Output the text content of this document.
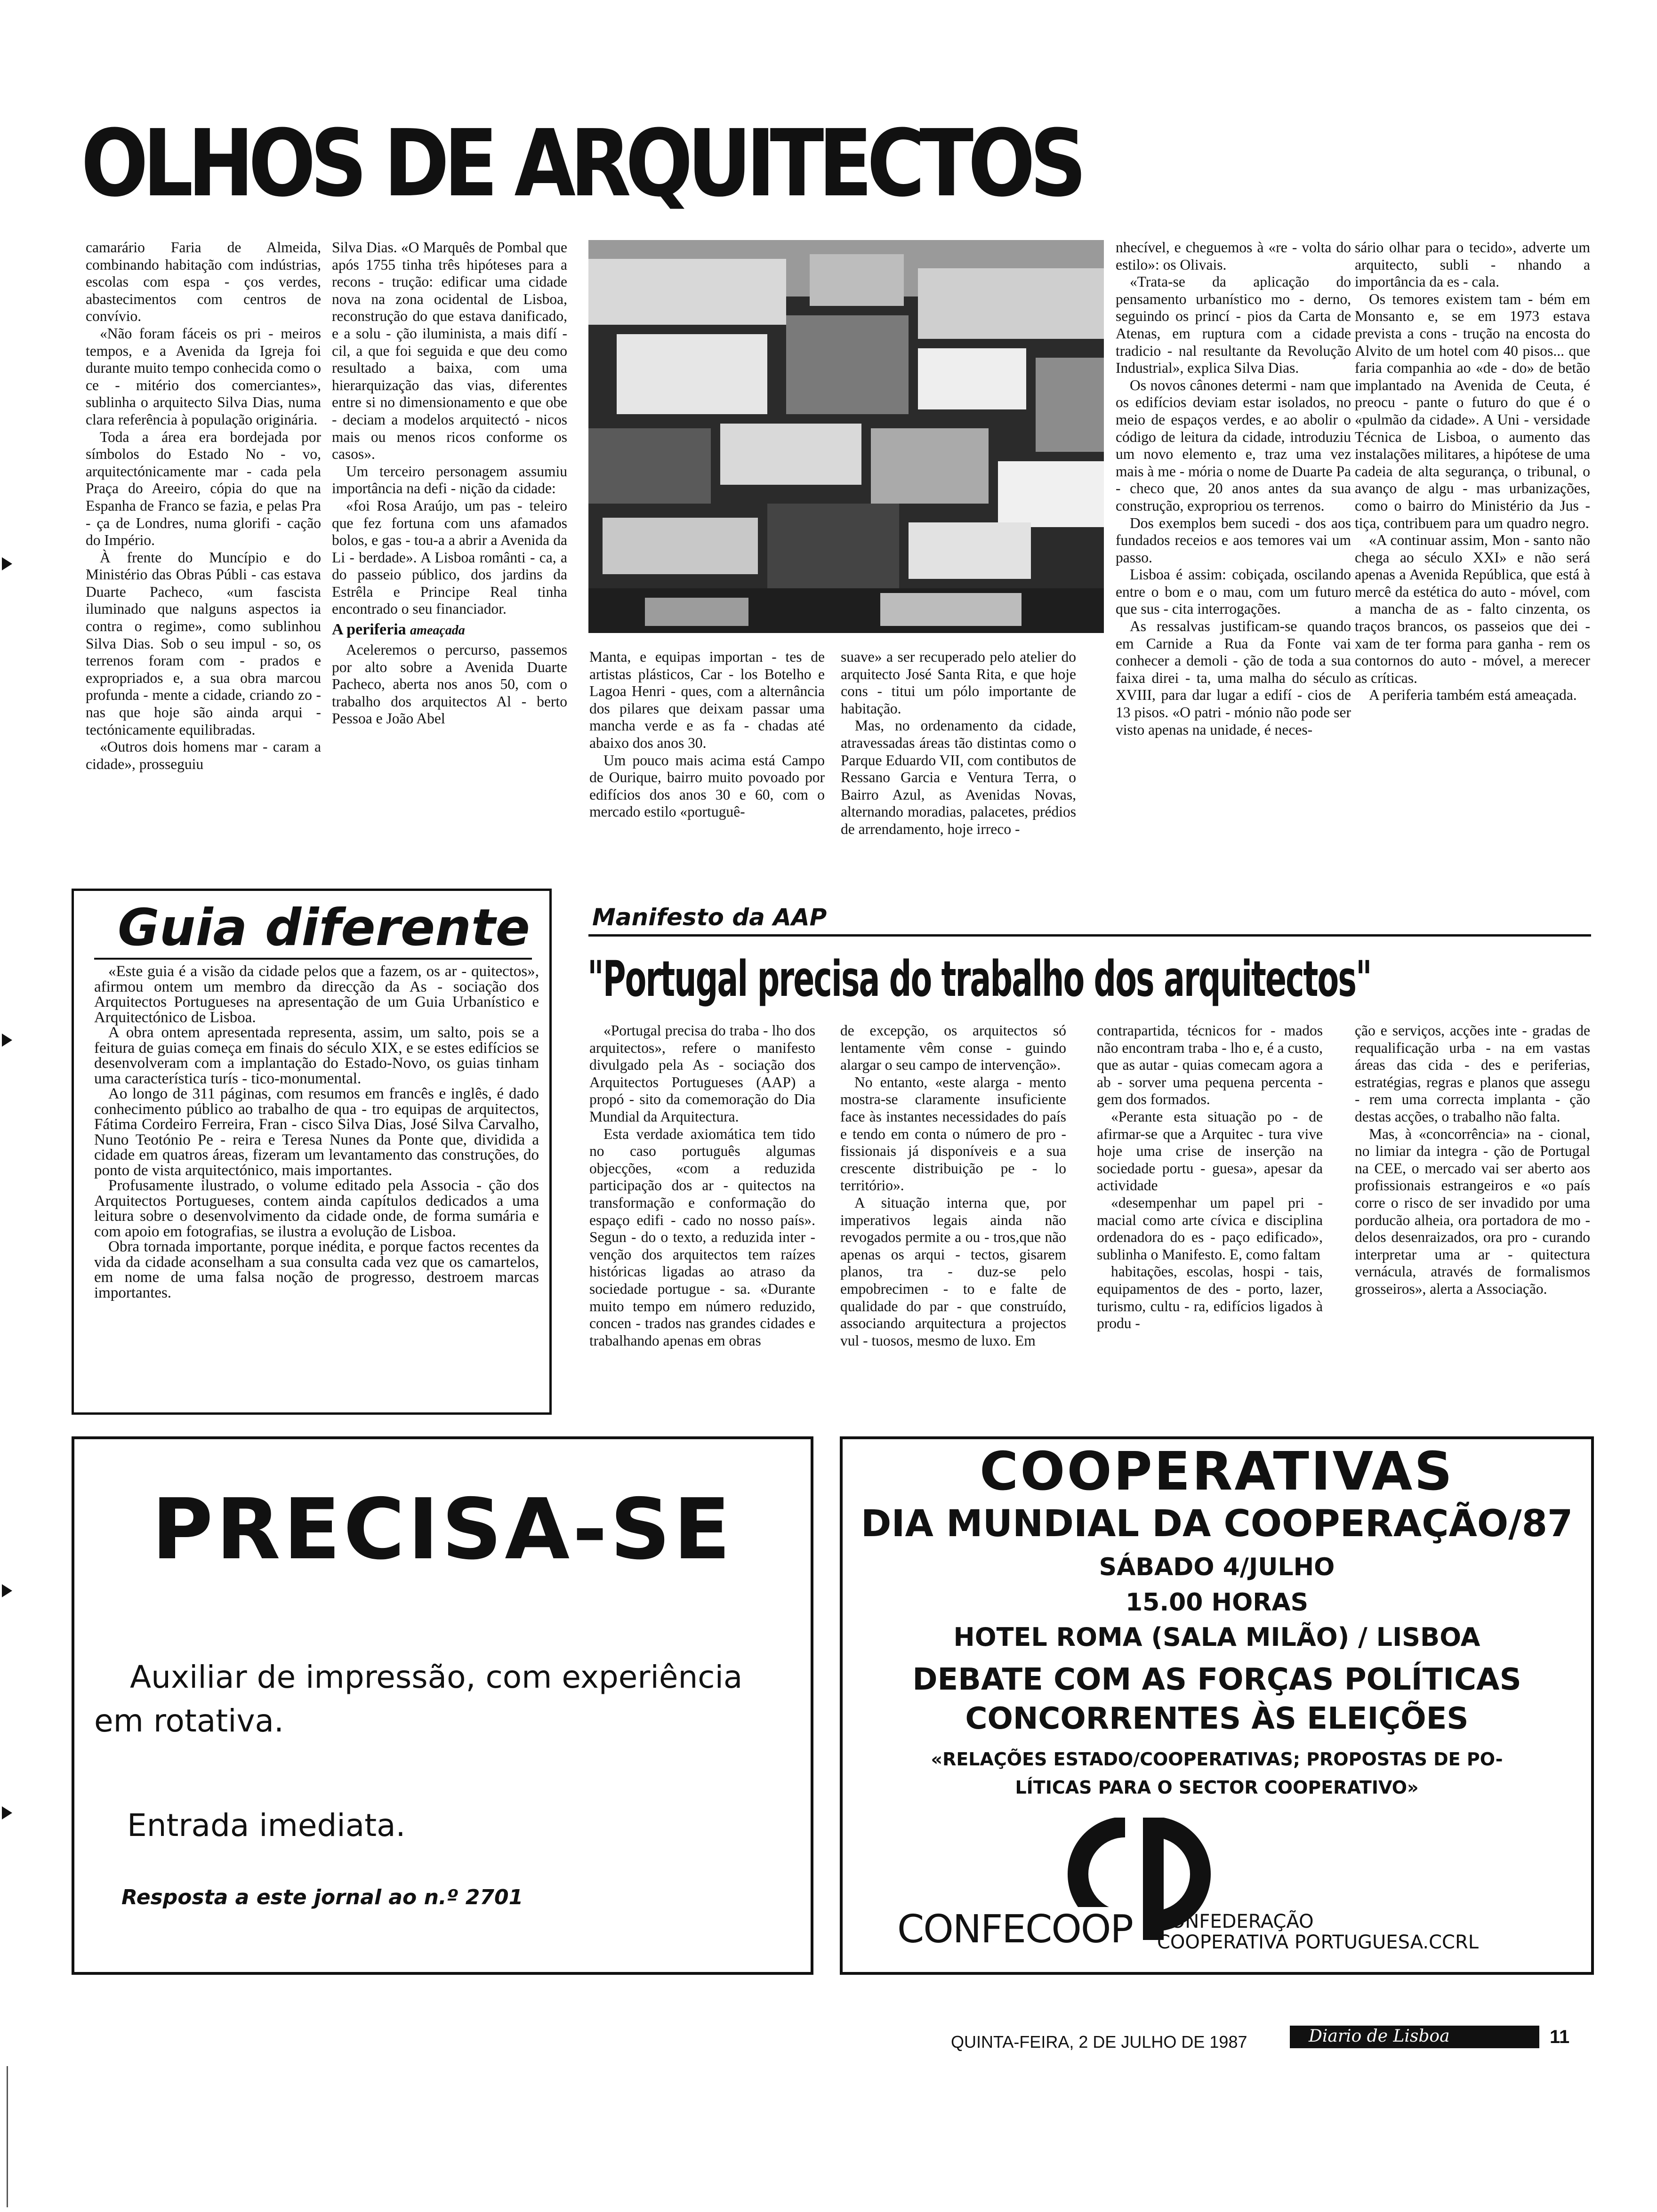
OLHOS DE ARQUITECTOS

camarário Faria de Almeida, combinando habitação com indústrias, escolas com espa - ços verdes, abastecimentos com centros de convívio.

«Não foram fáceis os pri - meiros tempos, e a Avenida da Igreja foi durante muito tempo conhecida como o ce - mitério dos comerciantes», sublinha o arquitecto Silva Dias, numa clara referência à população originária.

Toda a área era bordejada por símbolos do Estado No - vo, arquitectónicamente mar - cada pela Praça do Areeiro, cópia do que na Espanha de Franco se fazia, e pelas Pra - ça de Londres, numa glorifi - cação do Império.

À frente do Muncípio e do Ministério das Obras Públi - cas estava Duarte Pacheco, «um fascista iluminado que nalguns aspectos ia contra o regime», como sublinhou Silva Dias. Sob o seu impul - so, os terrenos foram com - prados e expropriados e, a sua obra marcou profunda - mente a cidade, criando zo - nas que hoje são ainda arqui - tectónicamente equilibradas.

«Outros dois homens mar - caram a cidade», prosseguiu

Silva Dias. «O Marquês de Pombal que após 1755 tinha três hipóteses para a recons - trução: edificar uma cidade nova na zona ocidental de Lisboa, reconstrução do que estava danificado, e a solu - ção iluminista, a mais difí - cil, a que foi seguida e que deu como resultado a baixa, com uma hierarquização das vias, diferentes entre si no dimensionamento e que obe - deciam a modelos arquitectó - nicos mais ou menos ricos conforme os casos».

Um terceiro personagem assumiu importância na defi - nição da cidade:

«foi Rosa Araújo, um pas - teleiro que fez fortuna com uns afamados bolos, e gas - tou-a a abrir a Avenida da Li - berdade». A Lisboa românti - ca, a do passeio público, dos jardins da Estrêla e Principe Real tinha encontrado o seu financiador.

A periferia ameaçada

Aceleremos o percurso, passemos por alto sobre a Avenida Duarte Pacheco, aberta nos anos 50, com o trabalho dos arquitectos Al - berto Pessoa e João Abel

Manta, e equipas importan - tes de artistas plásticos, Car - los Botelho e Lagoa Henri - ques, com a alternância dos pilares que deixam passar uma mancha verde e as fa - chadas até abaixo dos anos 30.

Um pouco mais acima está Campo de Ourique, bairro muito povoado por edifícios dos anos 30 e 60, com o mercado estilo «portuguê-

suave» a ser recuperado pelo atelier do arquitecto José Santa Rita, e que hoje cons - titui um pólo importante de habitação.

Mas, no ordenamento da cidade, atravessadas áreas tão distintas como o Parque Eduardo VII, com contibutos de Ressano Garcia e Ventura Terra, o Bairro Azul, as Avenidas Novas, alternando moradias, palacetes, prédios de arrendamento, hoje irreco -

nhecível, e cheguemos à «re - volta do estilo»: os Olivais.

«Trata-se da aplicação do pensamento urbanístico mo - derno, seguindo os princí - pios da Carta de Atenas, em ruptura com a cidade tradicio - nal resultante da Revolução Industrial», explica Silva Dias.

Os novos cânones determi - nam que os edifícios deviam estar isolados, no meio de espaços verdes, e ao abolir o código de leitura da cidade, introduziu um novo elemento e, traz uma vez mais à me - mória o nome de Duarte Pa - checo que, 20 anos antes da sua construção, expropriou os terrenos.

Dos exemplos bem sucedi - dos aos fundados receios e aos temores vai um passo.

Lisboa é assim: cobiçada, oscilando entre o bom e o mau, com um futuro que sus - cita interrogações.

As ressalvas justificam-se quando em Carnide a Rua da Fonte vai conhecer a demoli - ção de toda a sua faixa direi - ta, uma malha do século XVIII, para dar lugar a edifí - cios de 13 pisos. «O patri - mónio não pode ser visto apenas na unidade, é neces-

sário olhar para o tecido», adverte um arquitecto, subli - nhando a importância da es - cala.

Os temores existem tam - bém em Monsanto e, se em 1973 estava prevista a cons - trução na encosta do Alvito de um hotel com 40 pisos... que faria companhia ao «de - do» de betão implantado na Avenida de Ceuta, é preocu - pante o futuro do que é o «pulmão da cidade». A Uni - versidade Técnica de Lisboa, o aumento das instalações militares, a hipótese de uma cadeia de alta segurança, o tribunal, o avanço de algu - mas urbanizações, como o bairro do Ministério da Jus - tiça, contribuem para um quadro negro.

«A continuar assim, Mon - santo não chega ao século XXI» e não será apenas a Avenida República, que está à mercê da estética do auto - móvel, com a mancha de as - falto cinzenta, os traços brancos, os passeios que dei - xam de ter forma para ganha - rem os contornos do auto - móvel, a merecer as críticas.

A periferia também está ameaçada.

Guia diferente

«Este guia é a visão da cidade pelos que a fazem, os ar - quitectos», afirmou ontem um membro da direcção da As - sociação dos Arquitectos Portugueses na apresentação de um Guia Urbanístico e Arquitectónico de Lisboa.

A obra ontem apresentada representa, assim, um salto, pois se a feitura de guias começa em finais do século XIX, e se estes edifícios se desenvolveram com a implantação do Estado-Novo, os guias tinham uma característica turís - tico-monumental.

Ao longo de 311 páginas, com resumos em francês e inglês, é dado conhecimento público ao trabalho de qua - tro equipas de arquitectos, Fátima Cordeiro Ferreira, Fran - cisco Silva Dias, José Silva Carvalho, Nuno Teotónio Pe - reira e Teresa Nunes da Ponte que, dividida a cidade em quatros áreas, fizeram um levantamento das construções, do ponto de vista arquitectónico, mais importantes.

Profusamente ilustrado, o volume editado pela Associa - ção dos Arquitectos Portugueses, contem ainda capítulos dedicados a uma leitura sobre o desenvolvimento da cidade onde, de forma sumária e com apoio em fotografias, se ilustra a evolução de Lisboa.

Obra tornada importante, porque inédita, e porque factos recentes da vida da cidade aconselham a sua consulta cada vez que os camartelos, em nome de uma falsa noção de progresso, destroem marcas importantes.

Manifesto da AAP
"Portugal precisa do trabalho dos arquitectos"

«Portugal precisa do traba - lho dos arquitectos», refere o manifesto divulgado pela As - sociação dos Arquitectos Portugueses (AAP) a propó - sito da comemoração do Dia Mundial da Arquitectura.

Esta verdade axiomática tem tido no caso português algumas objecções, «com a reduzida participação dos ar - quitectos na transformação e conformação do espaço edifi - cado no nosso país». Segun - do o texto, a reduzida inter - venção dos arquitectos tem raízes históricas ligadas ao atraso da sociedade portugue - sa. «Durante muito tempo em número reduzido, concen - trados nas grandes cidades e trabalhando apenas em obras

de excepção, os arquitectos só lentamente vêm conse - guindo alargar o seu campo de intervenção».

No entanto, «este alarga - mento mostra-se claramente insuficiente face às instantes necessidades do país e tendo em conta o número de pro - fissionais já disponíveis e a sua crescente distribuição pe - lo território».

A situação interna que, por imperativos legais ainda não revogados permite a ou - tros,que não apenas os arqui - tectos, gisarem planos, tra - duz-se pelo empobrecimen - to e falte de qualidade do par - que construído, associando arquitectura a projectos vul - tuosos, mesmo de luxo. Em

contrapartida, técnicos for - mados não encontram traba - lho e, é a custo, que as autar - quias comecam agora a ab - sorver uma pequena percenta - gem dos formados.

«Perante esta situação po - de afirmar-se que a Arquitec - tura vive hoje uma crise de inserção na sociedade portu - guesa», apesar da actividade

«desempenhar um papel pri - macial como arte cívica e disciplina ordenadora do es - paço edificado», sublinha o Manifesto. E, como faltam

habitações, escolas, hospi - tais, equipamentos de des - porto, lazer, turismo, cultu - ra, edifícios ligados à produ -

ção e serviços, acções inte - gradas de requalificação urba - na em vastas áreas das cida - des e periferias, estratégias, regras e planos que assegu - rem uma correcta implanta - ção destas acções, o trabalho não falta.

Mas, à «concorrência» na - cional, no limiar da integra - ção de Portugal na CEE, o mercado vai ser aberto aos profissionais estrangeiros e «o país corre o risco de ser invadido por uma porducão alheia, ora portadora de mo - delos desenraizados, ora pro - curando interpretar uma ar - quitectura vernácula, através de formalismos grosseiros», alerta a Associação.

PRECISA-SE
Auxiliar de impressão, com experiência
em rotativa.
Entrada imediata.
Resposta a este jornal ao n.º 2701
COOPERATIVAS
DIA MUNDIAL DA COOPERAÇÃO/87
SÁBADO 4/JULHO
15.00 HORAS
HOTEL ROMA (SALA MILÃO) / LISBOA
DEBATE COM AS FORÇAS POLÍTICAS
CONCORRENTES ÀS ELEIÇÕES
«RELAÇÕES ESTADO/COOPERATIVAS; PROPOSTAS DE PO-
LÍTICAS PARA O SECTOR COOPERATIVO»
CONFECOOP CONFEDERAÇÃO
COOPERATIVA PORTUGUESA.CCRL
QUINTA-FEIRA, 2 DE JULHO DE 1987	Diario de Lisboa	11
